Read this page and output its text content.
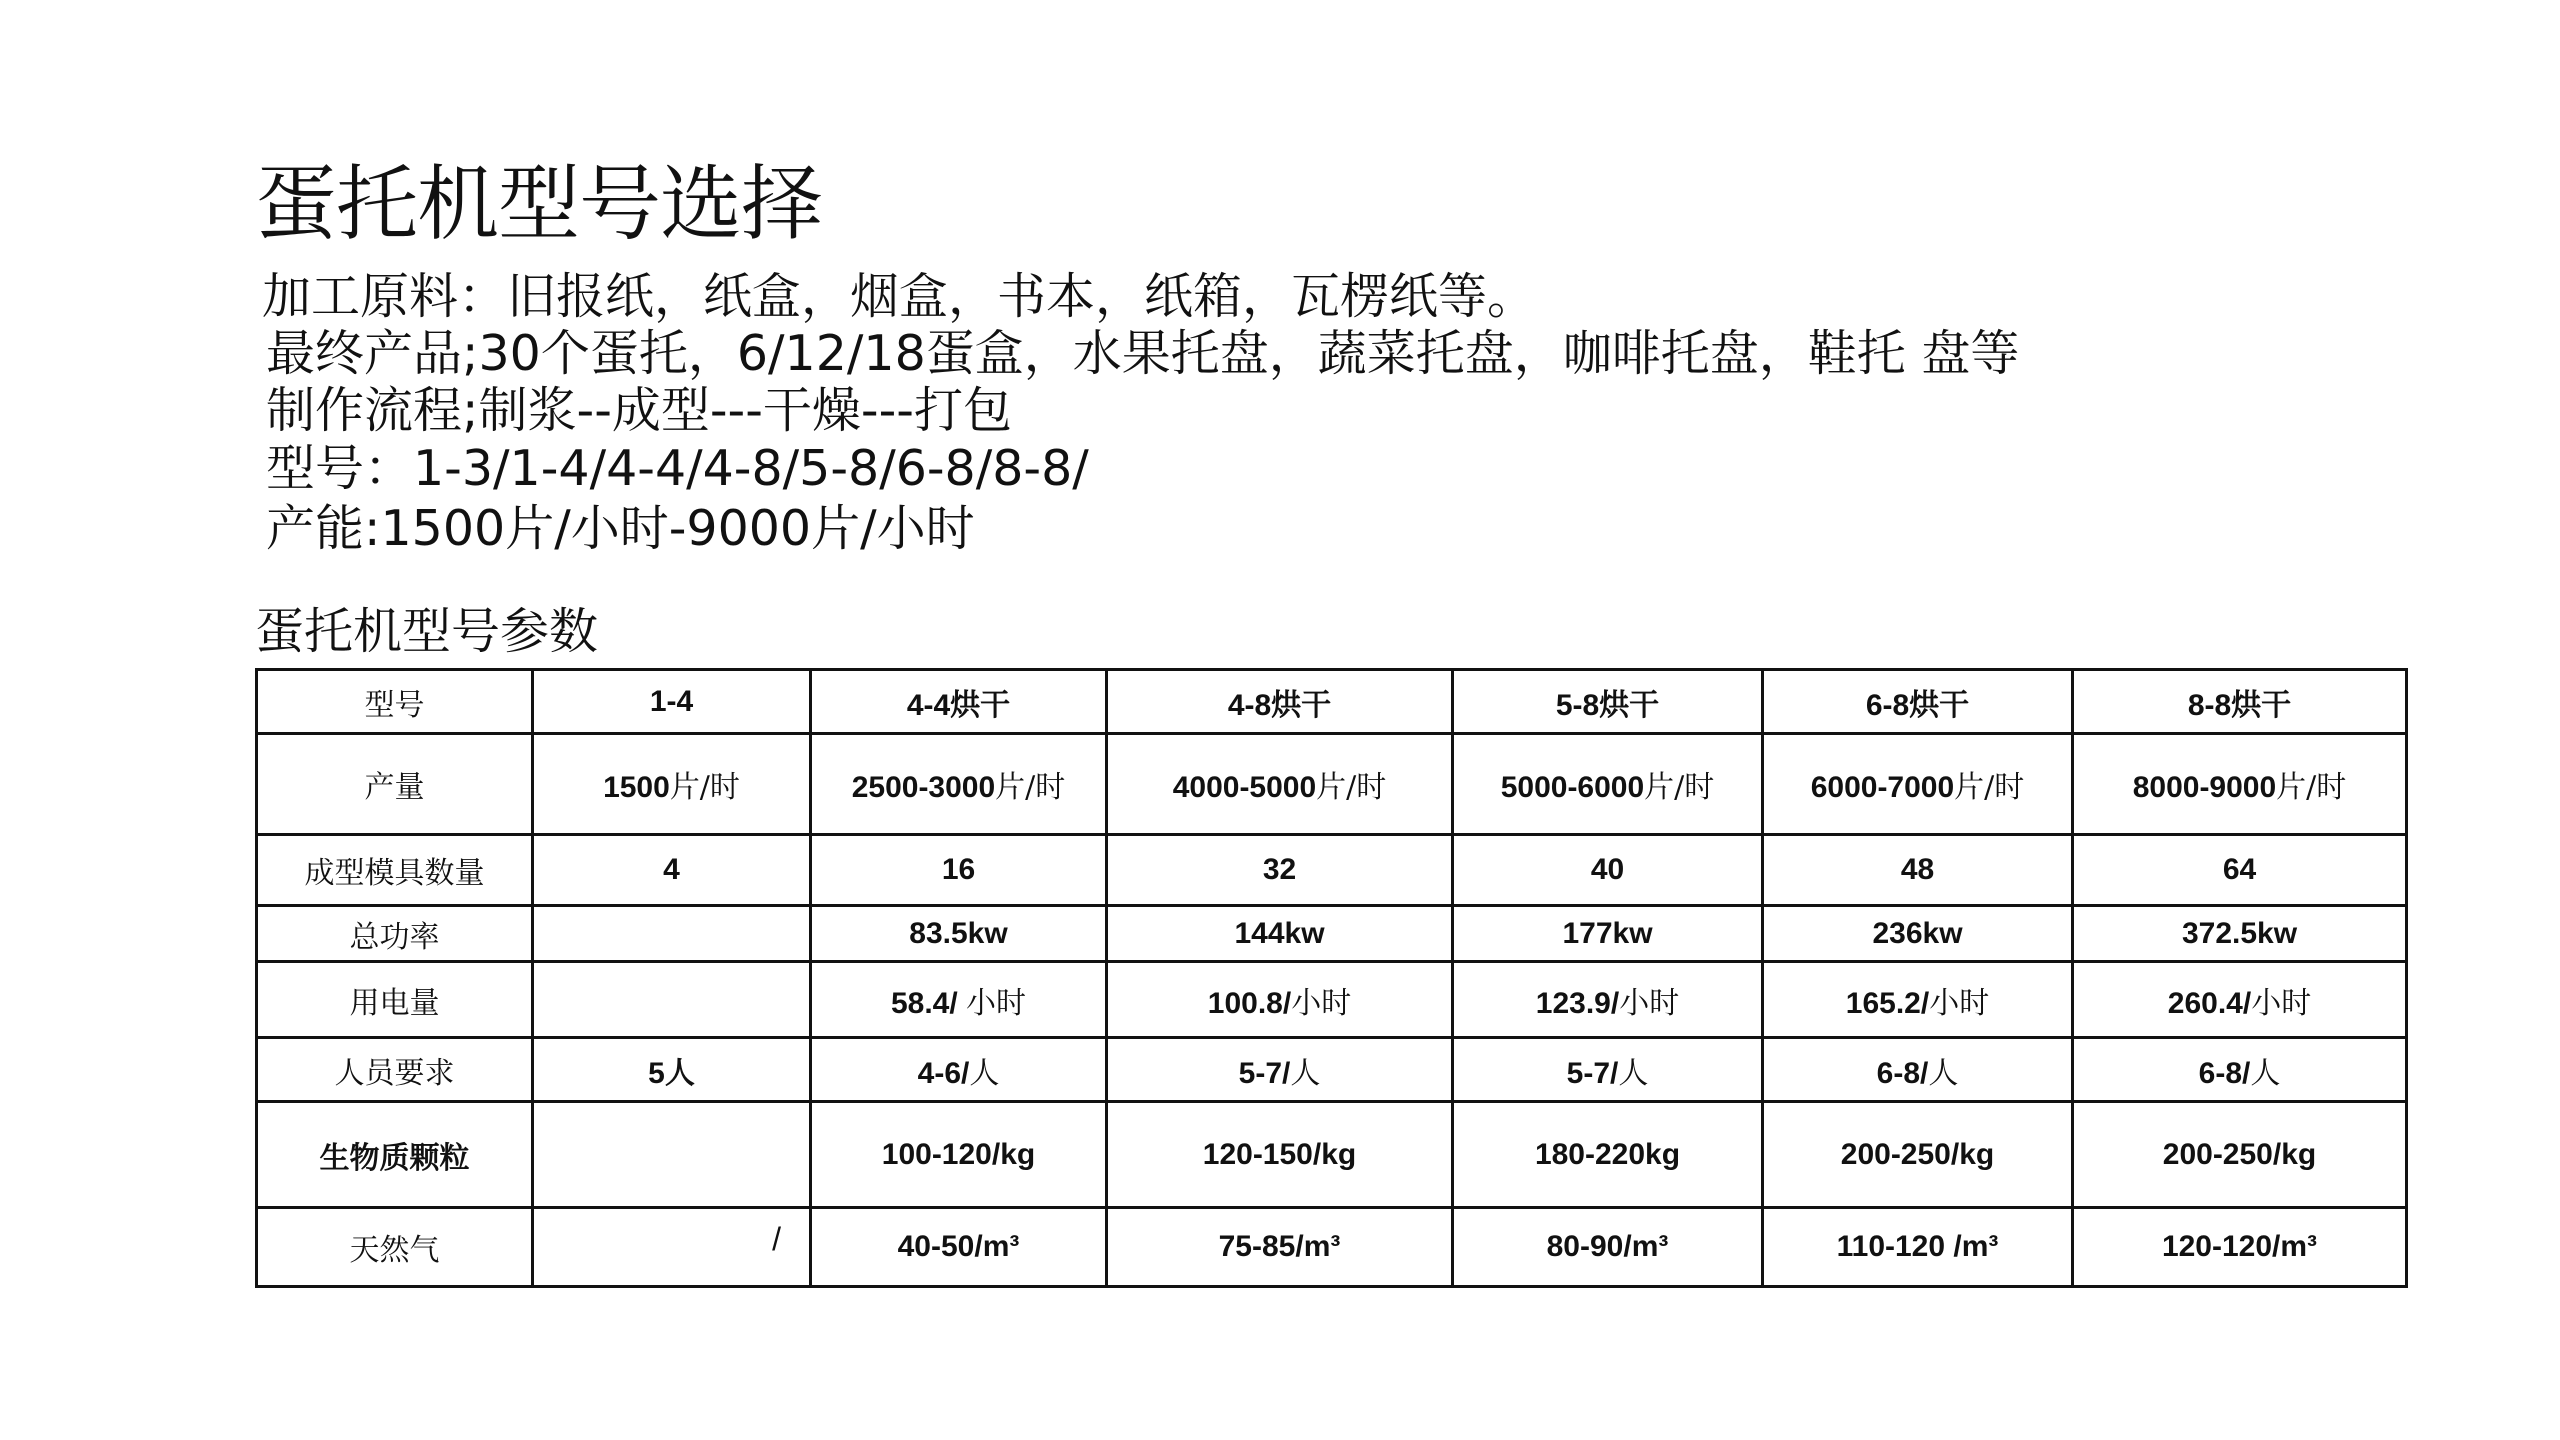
蛋托机型号选择
加工原料：旧报纸，纸盒，烟盒，书本，纸箱，瓦楞纸等。
最终产品;30个蛋托，6/12/18蛋盒，水果托盘，蔬菜托盘，咖啡托盘，鞋托 盘等
制作流程;制浆--成型---干燥---打包
型号：1-3/1-4/4-4/4-8/5-8/6-8/8-8/
产能:1500片/小时-9000片/小时
蛋托机型号参数
型号	1-4	4-4烘干	4-8烘干	5-8烘干	6-8烘干	8-8烘干
产量	1500片/时	2500-3000片/时	4000-5000片/时	5000-6000片/时	6000-7000片/时	8000-9000片/时
成型模具数量	4	16	32	40	48	64
总功率		83.5kw	144kw	177kw	236kw	372.5kw
用电量		58.4/ 小时	100.8/小时	123.9/小时	165.2/小时	260.4/小时
人员要求	5人	4-6/人	5-7/人	5-7/人	6-8/人	6-8/人
生物质颗粒		100-120/kg	120-150/kg	180-220kg	200-250/kg	200-250/kg
天然气	/	40-50/m³	75-85/m³	80-90/m³	110-120 /m³	120-120/m³
